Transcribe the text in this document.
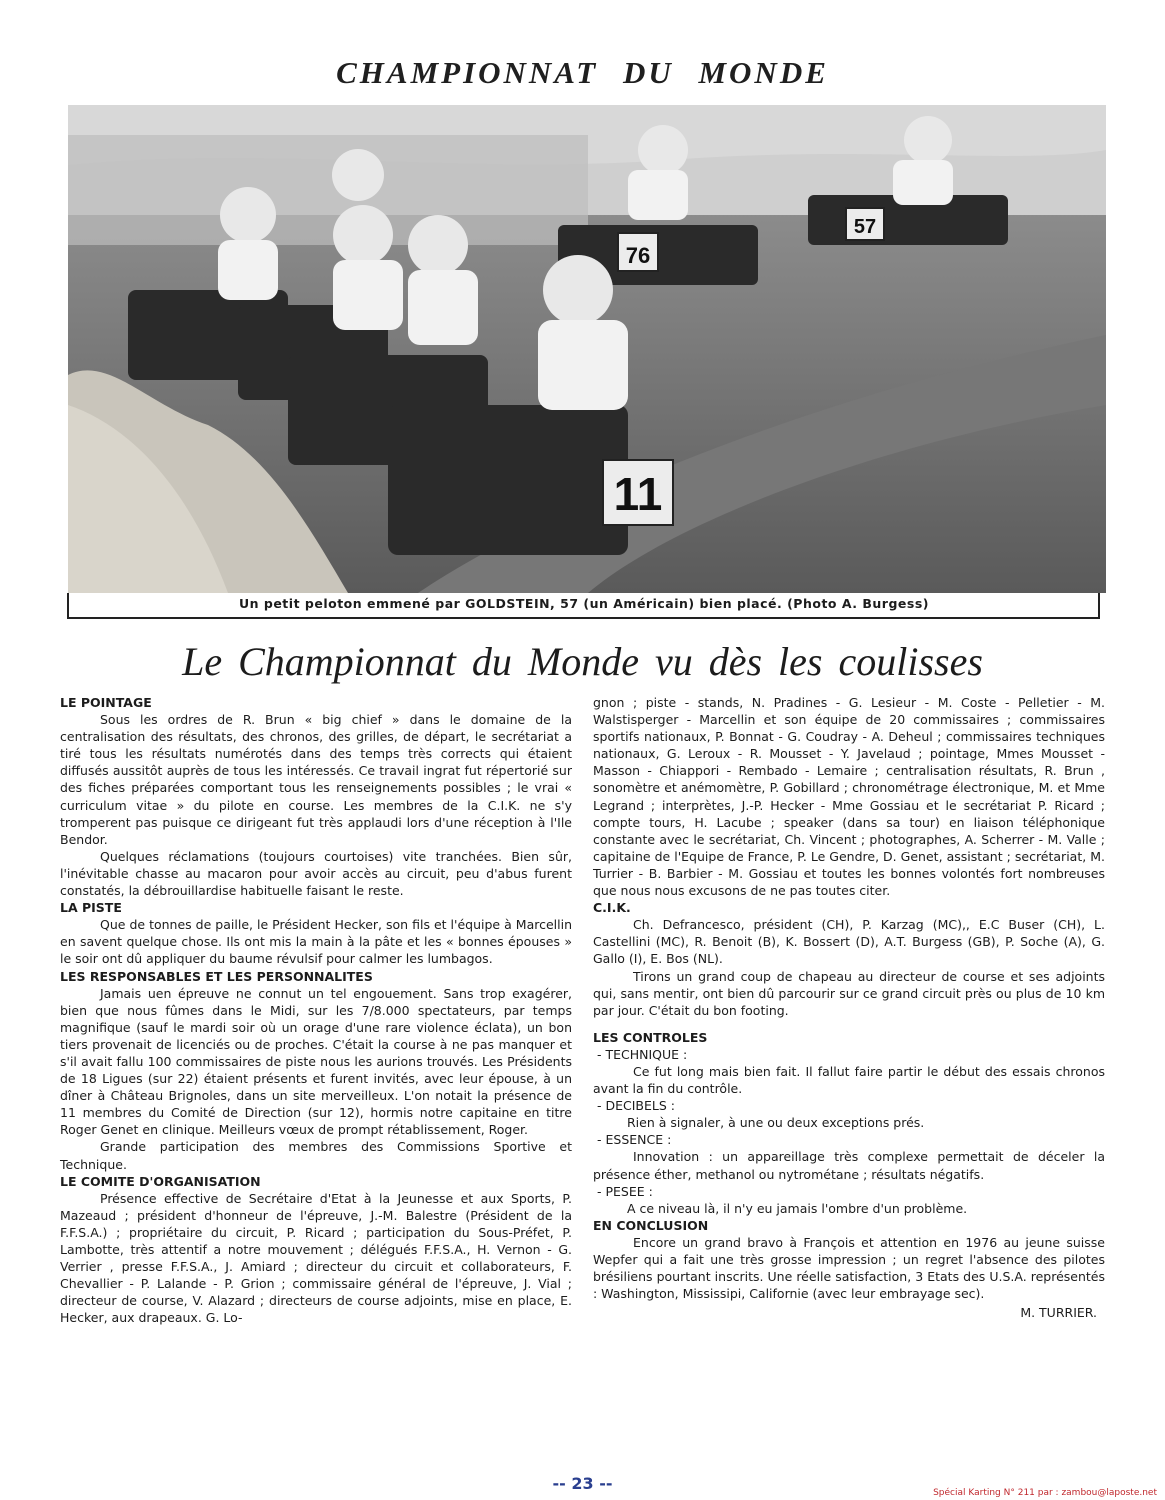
CHAMPIONNAT DU MONDE
11
76
57
Un petit peloton emmené par GOLDSTEIN, 57 (un Américain) bien placé. (Photo A. Burgess)
Le Championnat du Monde vu dès les coulisses
LE POINTAGE

Sous les ordres de R. Brun « big chief » dans le domaine de la centralisation des résultats, des chronos, des grilles, de départ, le secrétariat a tiré tous les résultats numérotés dans des temps très corrects qui étaient diffusés aussitôt auprès de tous les intéressés. Ce travail ingrat fut répertorié sur des fiches préparées comportant tous les renseignements possibles ; le vrai « curriculum vitae » du pilote en course. Les membres de la C.I.K. ne s'y tromperent pas puisque ce dirigeant fut très applaudi lors d'une réception à l'Ile Bendor.

Quelques réclamations (toujours courtoises) vite tranchées. Bien sûr, l'inévitable chasse au macaron pour avoir accès au circuit, peu d'abus furent constatés, la débrouillardise habituelle faisant le reste.

LA PISTE

Que de tonnes de paille, le Président Hecker, son fils et l'équipe à Marcellin en savent quelque chose. Ils ont mis la main à la pâte et les « bonnes épouses » le soir ont dû appliquer du baume révulsif pour calmer les lumbagos.

LES RESPONSABLES ET LES PERSONNALITES

Jamais uen épreuve ne connut un tel engouement. Sans trop exagérer, bien que nous fûmes dans le Midi, sur les 7/8.000 spectateurs, par temps magnifique (sauf le mardi soir où un orage d'une rare violence éclata), un bon tiers provenait de licenciés ou de proches. C'était la course à ne pas manquer et s'il avait fallu 100 commissaires de piste nous les aurions trouvés. Les Présidents de 18 Ligues (sur 22) étaient présents et furent invités, avec leur épouse, à un dîner à Château Brignoles, dans un site merveilleux. L'on notait la présence de 11 membres du Comité de Direction (sur 12), hormis notre capitaine en titre Roger Genet en clinique. Meilleurs vœux de prompt rétablissement, Roger.

Grande participation des membres des Commissions Sportive et Technique.

LE COMITE D'ORGANISATION

Présence effective de Secrétaire d'Etat à la Jeunesse et aux Sports, P. Mazeaud ; président d'honneur de l'épreuve, J.-M. Balestre (Président de la F.F.S.A.) ; propriétaire du circuit, P. Ricard ; participation du Sous-Préfet, P. Lambotte, très attentif a notre mouvement ; délégués F.F.S.A., H. Vernon - G. Verrier , presse F.F.S.A., J. Amiard ; directeur du circuit et collaborateurs, F. Chevallier - P. Lalande - P. Grion ; commissaire général de l'épreuve, J. Vial ; directeur de course, V. Alazard ; directeurs de course adjoints, mise en place, E. Hecker, aux drapeaux. G. Lo-

gnon ; piste - stands, N. Pradines - G. Lesieur - M. Coste - Pelletier - M. Walstisperger - Marcellin et son équipe de 20 commissaires ; commissaires sportifs nationaux, P. Bonnat - G. Coudray - A. Deheul ; commissaires techniques nationaux, G. Leroux - R. Mousset - Y. Javelaud ; pointage, Mmes Mousset - Masson - Chiappori - Rembado - Lemaire ; centralisation résultats, R. Brun , sonomètre et anémomètre, P. Gobillard ; chronométrage électronique, M. et Mme Legrand ; interprètes, J.-P. Hecker - Mme Gossiau et le secrétariat P. Ricard ; compte tours, H. Lacube ; speaker (dans sa tour) en liaison téléphonique constante avec le secrétariat, Ch. Vincent ; photographes, A. Scherrer - M. Valle ; capitaine de l'Equipe de France, P. Le Gendre, D. Genet, assistant ; secrétariat, M. Turrier - B. Barbier - M. Gossiau et toutes les bonnes volontés fort nombreuses que nous nous excusons de ne pas toutes citer.

C.I.K.

Ch. Defrancesco, président (CH), P. Karzag (MC),, E.C Buser (CH), L. Castellini (MC), R. Benoit (B), K. Bossert (D), A.T. Burgess (GB), P. Soche (A), G. Gallo (I), E. Bos (NL).

Tirons un grand coup de chapeau au directeur de course et ses adjoints qui, sans mentir, ont bien dû parcourir sur ce grand circuit près ou plus de 10 km par jour. C'était du bon footing.

LES CONTROLES
- TECHNIQUE :

Ce fut long mais bien fait. Il fallut faire partir le début des essais chronos avant la fin du contrôle.

- DECIBELS :

Rien à signaler, à une ou deux exceptions prés.

- ESSENCE :

Innovation : un appareillage très complexe permettait de déceler la présence éther, methanol ou nytrométane ; résultats négatifs.

- PESEE :

A ce niveau là, il n'y eu jamais l'ombre d'un problème.

EN CONCLUSION

Encore un grand bravo à François et attention en 1976 au jeune suisse Wepfer qui a fait une très grosse impression ; un regret l'absence des pilotes brésiliens pourtant inscrits. Une réelle satisfaction, 3 Etats des U.S.A. représentés : Washington, Mississipi, Californie (avec leur embrayage sec).

M. TURRIER.

-- 23 --	Spécial Karting N° 211 par : zambou@laposte.net
